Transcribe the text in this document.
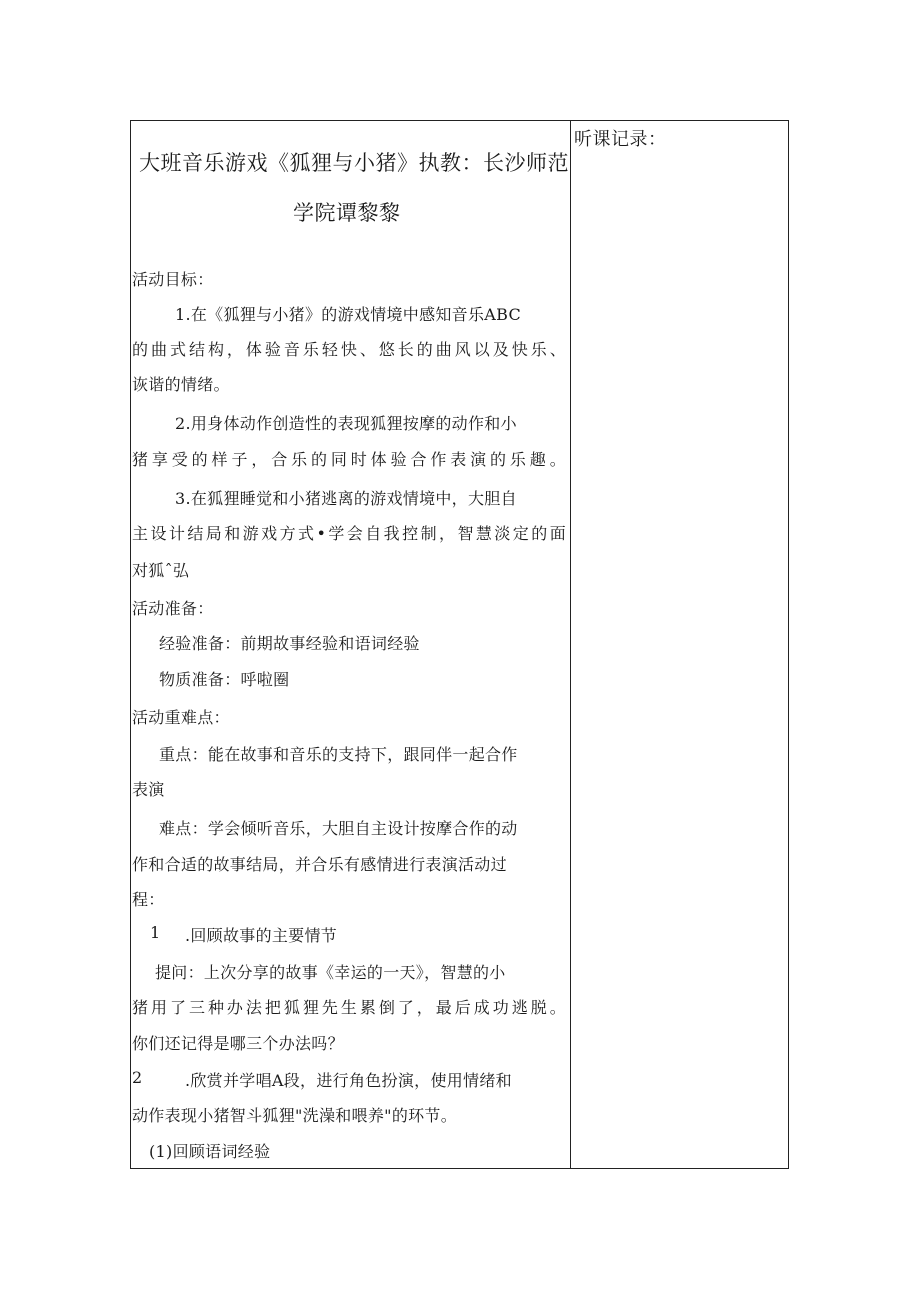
大班音乐游戏《狐狸与小猪》执教：长沙师范
学院谭黎黎
活动目标：
1.在《狐狸与小猪》的游戏情境中感知音乐ABC
的曲式结构，体验音乐轻快、悠长的曲风以及快乐、
诙谐的情绪。
2.用身体动作创造性的表现狐狸按摩的动作和小
猪享受的样子，合乐的同时体验合作表演的乐趣。
3.在狐狸睡觉和小猪逃离的游戏情境中，大胆自
主设计结局和游戏方式•学会自我控制，智慧淡定的面
对狐ˆ弘
活动准备：
经验准备：前期故事经验和语词经验
物质准备：呼啦圈
活动重难点：
重点：能在故事和音乐的支持下，跟同伴一起合作
表演
难点：学会倾听音乐，大胆自主设计按摩合作的动
作和合适的故事结局，并合乐有感情进行表演活动过
程：
1 .回顾故事的主要情节
提问：上次分享的故事《幸运的一天》，智慧的小
猪用了三种办法把狐狸先生累倒了，最后成功逃脱。
你们还记得是哪三个办法吗？
2	.欣赏并学唱A段，进行角色扮演，使用情绪和
动作表现小猪智斗狐狸"洗澡和喂养"的环节。
(1)回顾语词经验
听课记录：
